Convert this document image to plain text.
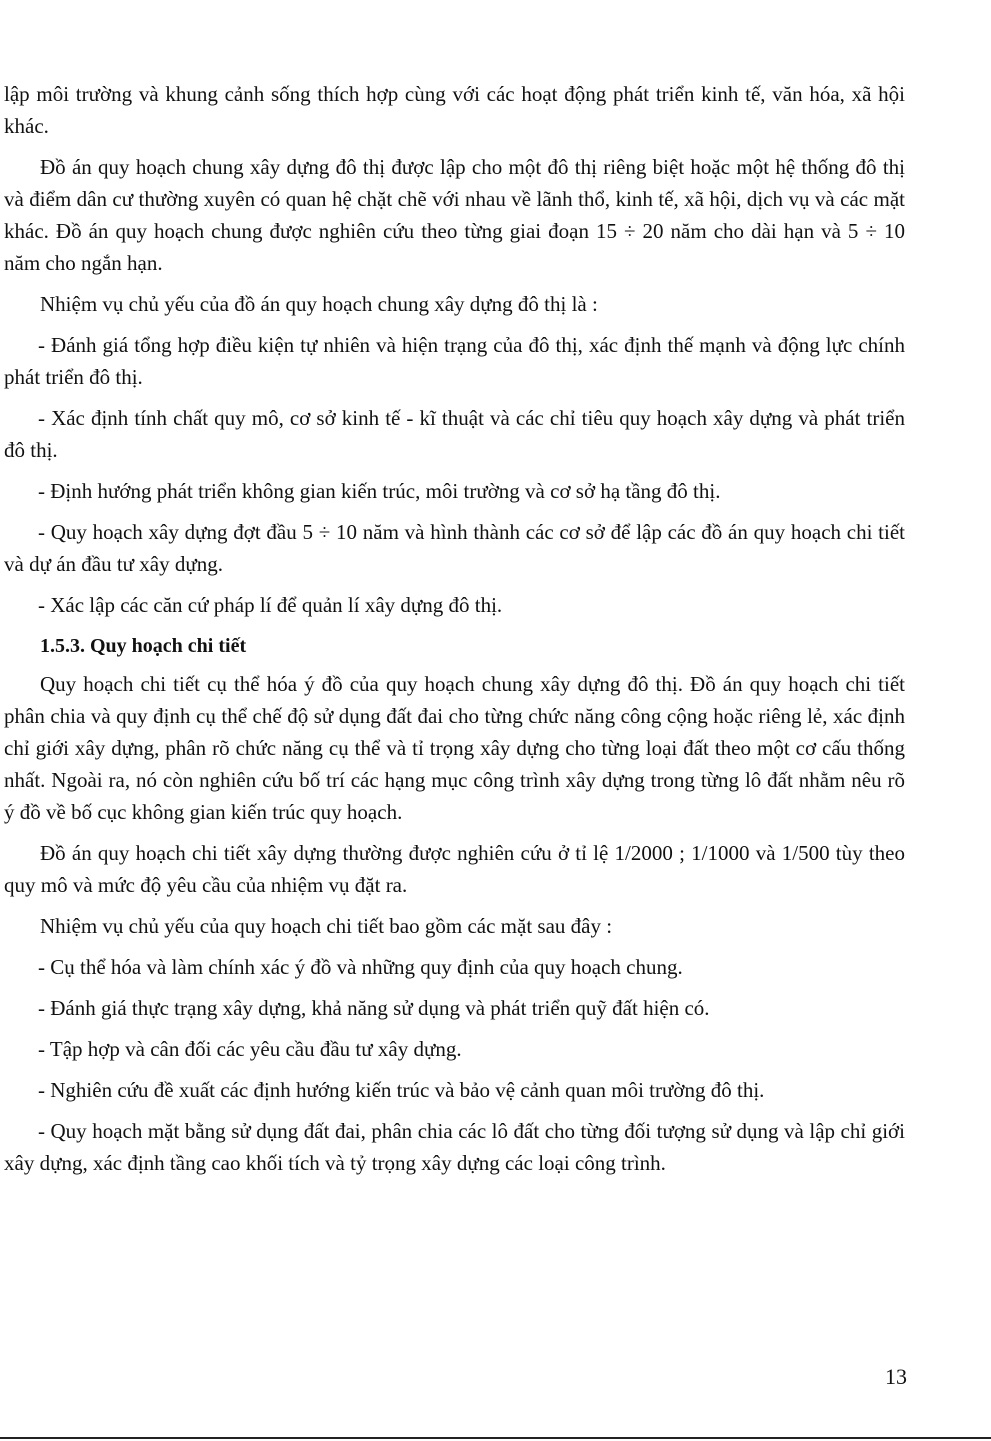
lập môi trường và khung cảnh sống thích hợp cùng với các hoạt động phát triển kinh tế, văn hóa, xã hội khác.

Đồ án quy hoạch chung xây dựng đô thị được lập cho một đô thị riêng biệt hoặc một hệ thống đô thị và điểm dân cư thường xuyên có quan hệ chặt chẽ với nhau về lãnh thổ, kinh tế, xã hội, dịch vụ và các mặt khác. Đồ án quy hoạch chung được nghiên cứu theo từng giai đoạn 15 ÷ 20 năm cho dài hạn và 5 ÷ 10 năm cho ngắn hạn.

Nhiệm vụ chủ yếu của đồ án quy hoạch chung xây dựng đô thị là :

- Đánh giá tổng hợp điều kiện tự nhiên và hiện trạng của đô thị, xác định thế mạnh và động lực chính phát triển đô thị.

- Xác định tính chất quy mô, cơ sở kinh tế - kĩ thuật và các chỉ tiêu quy hoạch xây dựng và phát triển đô thị.

- Định hướng phát triển không gian kiến trúc, môi trường và cơ sở hạ tầng đô thị.

- Quy hoạch xây dựng đợt đầu 5 ÷ 10 năm và hình thành các cơ sở để lập các đồ án quy hoạch chi tiết và dự án đầu tư xây dựng.

- Xác lập các căn cứ pháp lí để quản lí xây dựng đô thị.

1.5.3. Quy hoạch chi tiết

Quy hoạch chi tiết cụ thể hóa ý đồ của quy hoạch chung xây dựng đô thị. Đồ án quy hoạch chi tiết phân chia và quy định cụ thể chế độ sử dụng đất đai cho từng chức năng công cộng hoặc riêng lẻ, xác định chỉ giới xây dựng, phân rõ chức năng cụ thể và tỉ trọng xây dựng cho từng loại đất theo một cơ cấu thống nhất. Ngoài ra, nó còn nghiên cứu bố trí các hạng mục công trình xây dựng trong từng lô đất nhằm nêu rõ ý đồ về bố cục không gian kiến trúc quy hoạch.

Đồ án quy hoạch chi tiết xây dựng thường được nghiên cứu ở tỉ lệ 1/2000 ; 1/1000 và 1/500 tùy theo quy mô và mức độ yêu cầu của nhiệm vụ đặt ra.

Nhiệm vụ chủ yếu của quy hoạch chi tiết bao gồm các mặt sau đây :

- Cụ thể hóa và làm chính xác ý đồ và những quy định của quy hoạch chung.

- Đánh giá thực trạng xây dựng, khả năng sử dụng và phát triển quỹ đất hiện có.

- Tập hợp và cân đối các yêu cầu đầu tư xây dựng.

- Nghiên cứu đề xuất các định hướng kiến trúc và bảo vệ cảnh quan môi trường đô thị.

- Quy hoạch mặt bằng sử dụng đất đai, phân chia các lô đất cho từng đối tượng sử dụng và lập chỉ giới xây dựng, xác định tầng cao khối tích và tỷ trọng xây dựng các loại công trình.

13
